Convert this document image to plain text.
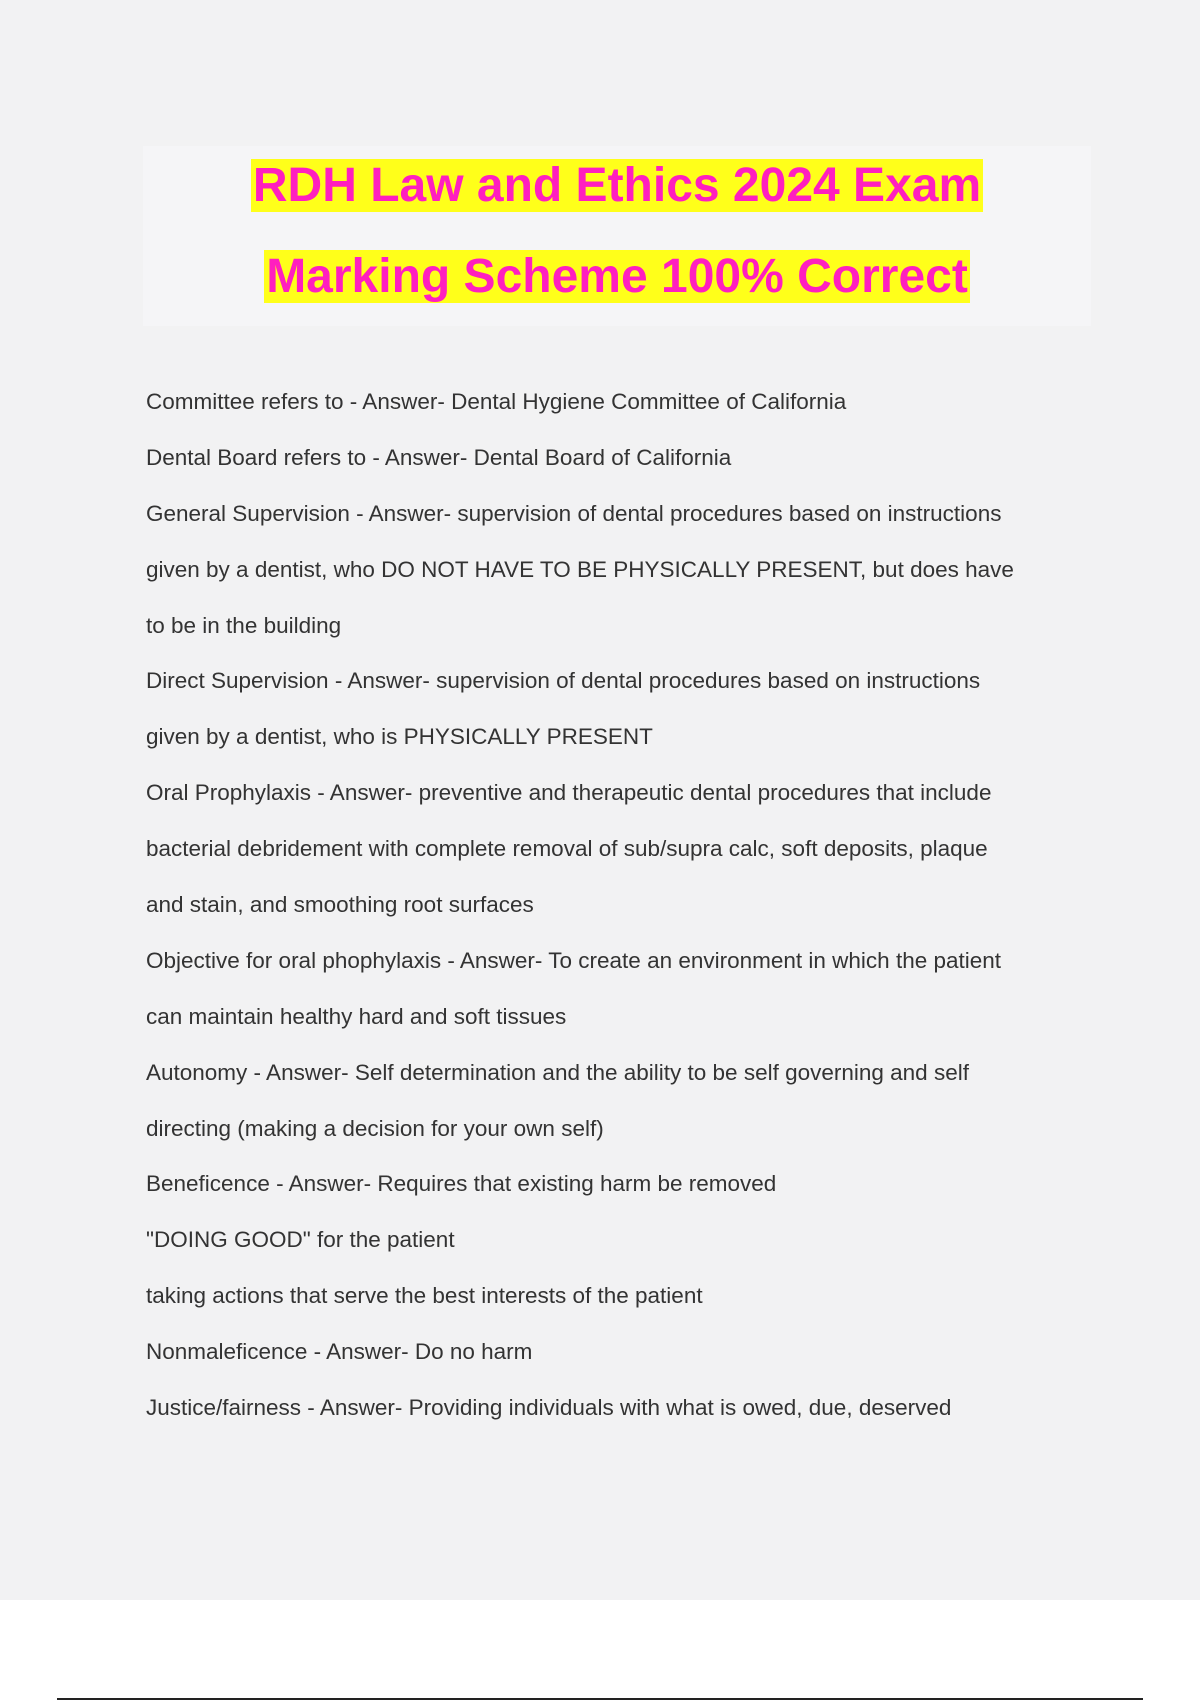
RDH Law and Ethics 2024 Exam
Marking Scheme 100% Correct
Committee refers to - Answer- Dental Hygiene Committee of California
Dental Board refers to - Answer- Dental Board of California
General Supervision - Answer- supervision of dental procedures based on instructions
given by a dentist, who DO NOT HAVE TO BE PHYSICALLY PRESENT, but does have
to be in the building
Direct Supervision - Answer- supervision of dental procedures based on instructions
given by a dentist, who is PHYSICALLY PRESENT
Oral Prophylaxis - Answer- preventive and therapeutic dental procedures that include
bacterial debridement with complete removal of sub/supra calc, soft deposits, plaque
and stain, and smoothing root surfaces
Objective for oral phophylaxis - Answer- To create an environment in which the patient
can maintain healthy hard and soft tissues
Autonomy - Answer- Self determination and the ability to be self governing and self
directing (making a decision for your own self)
Beneficence - Answer- Requires that existing harm be removed
"DOING GOOD" for the patient
taking actions that serve the best interests of the patient
Nonmaleficence - Answer- Do no harm
Justice/fairness - Answer- Providing individuals with what is owed, due, deserved
